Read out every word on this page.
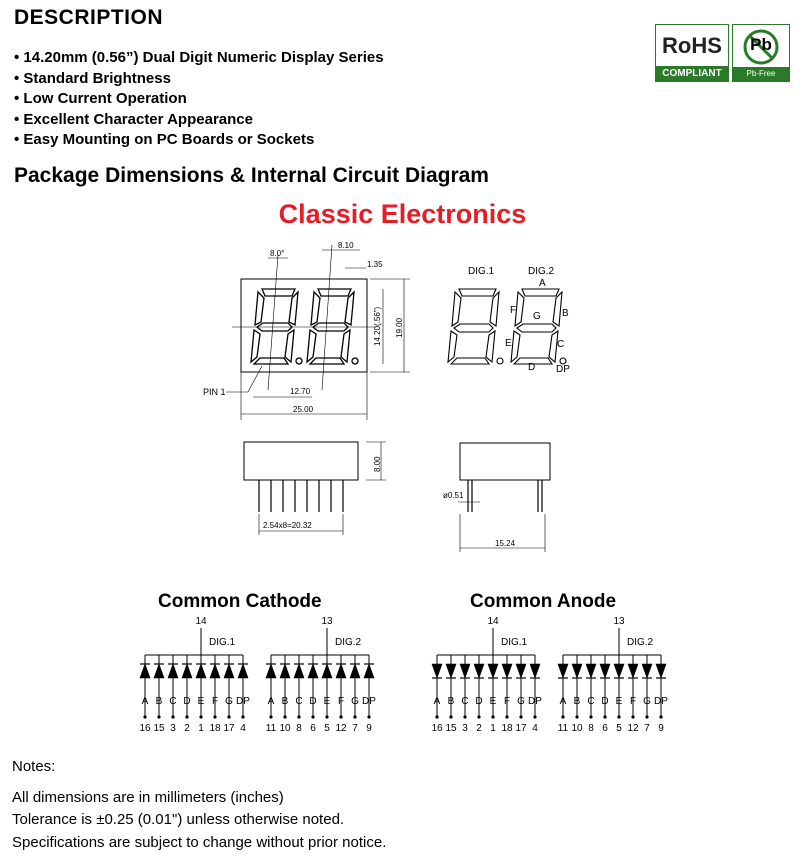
DESCRIPTION
• 14.20mm (0.56”) Dual Digit Numeric Display Series
• Standard Brightness
• Low Current Operation
• Excellent Character Appearance
• Easy Mounting on PC Boards or Sockets
RoHS
COMPLIANT
Pb
Pb-Free
Package Dimensions & Internal Circuit Diagram
Classic Electronics
8.0°
8.10
1.35
14.20(.56”) 19.00
12.70
25.00
PIN 1
DIG.1	DIG.2
A
B
C
D
E
F
G
DP
2.54x8=20.32
8.00
ø0.51
15.24
14
DIG.1
A
16
B
15
C
3
D
2
E
1
F
18
G
17
DP
4
13
DIG.2
A
11
B
10
C
8
D
6
E
5
F
12
G
7
DP
9
14
DIG.1
A
16
B
15
C
3
D
2
E
1
F
18
G
17
DP
4
13
DIG.2
A
11
B
10
C
8
D
6
E
5
F
12
G
7
DP
9
Common Cathode	Common Anode
Notes:
All dimensions are in millimeters (inches)
Tolerance is ±0.25 (0.01") unless otherwise noted.
Specifications are subject to change without prior notice.
